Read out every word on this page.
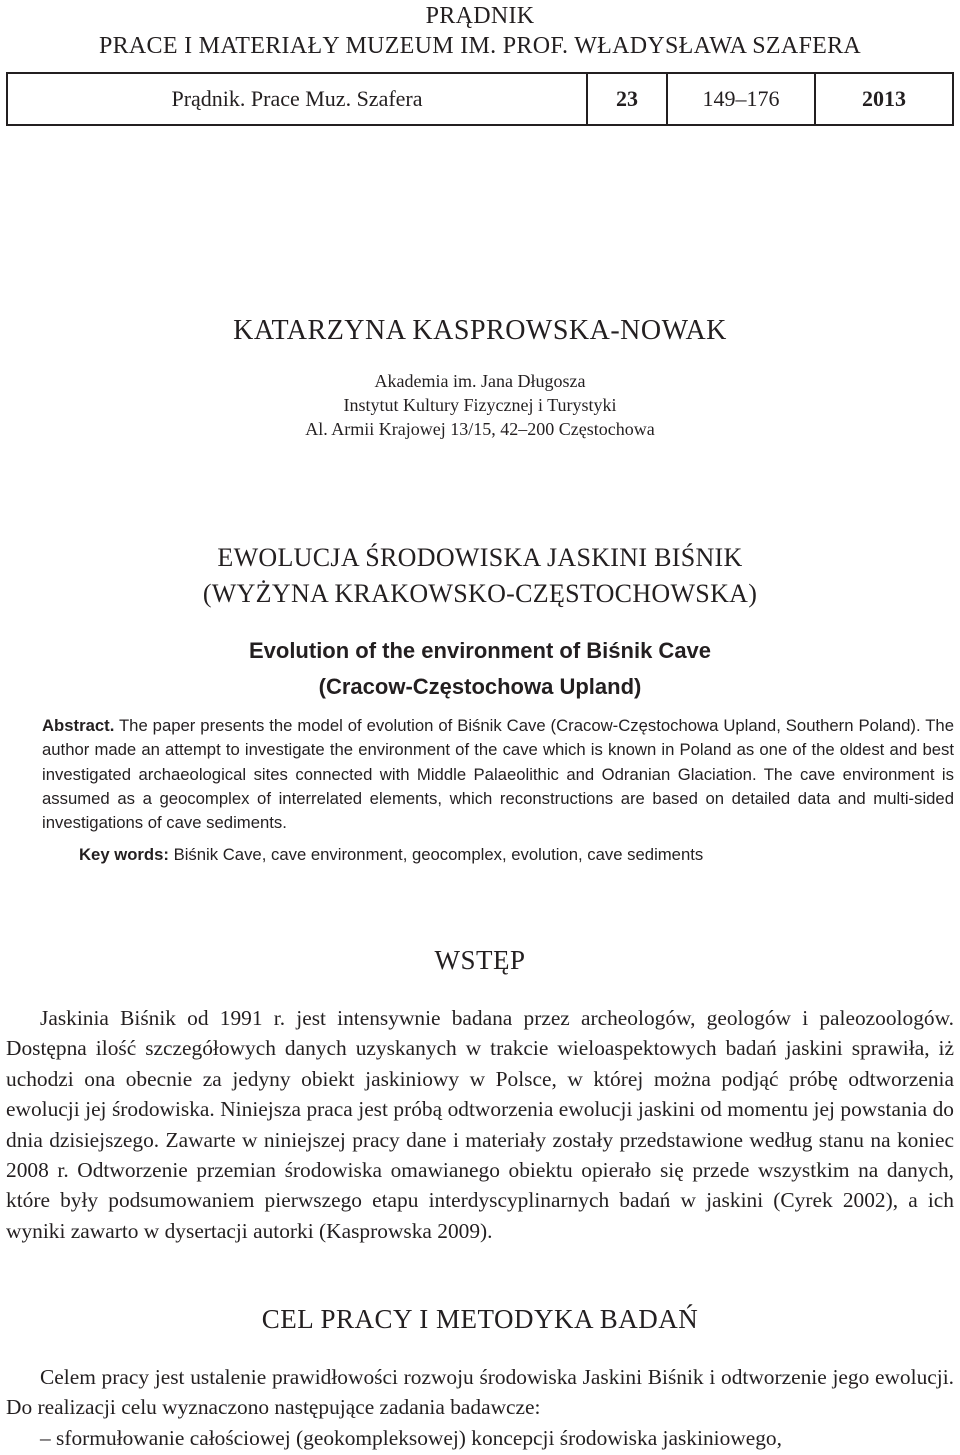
PRĄDNIK
PRACE I MATERIAŁY MUZEUM IM. PROF. WŁADYSŁAWA SZAFERA
Prądnik. Prace Muz. Szafera	23	149–176	2013
KATARZYNA KASPROWSKA-NOWAK
Akademia im. Jana Długosza
Instytut Kultury Fizycznej i Turystyki
Al. Armii Krajowej 13/15, 42–200 Częstochowa
EWOLUCJA ŚRODOWISKA JASKINI BIŚNIK
(WYŻYNA KRAKOWSKO-CZĘSTOCHOWSKA)
Evolution of the environment of Biśnik Cave
(Cracow-Częstochowa Upland)
Abstract. The paper presents the model of evolution of Biśnik Cave (Cracow-Częstochowa Upland, Southern Poland). The author made an attempt to investigate the environment of the cave which is known in Poland as one of the oldest and best investigated archaeological sites connected with Middle Palaeolithic and Odranian Glaciation. The cave environment is assumed as a geocomplex of interrelated elements, which reconstructions are based on detailed data and multi-sided investigations of cave sediments.
Key words: Biśnik Cave, cave environment, geocomplex, evolution, cave sediments
WSTĘP
Jaskinia Biśnik od 1991 r. jest intensywnie badana przez archeologów, geologów i paleozoologów. Dostępna ilość szczegółowych danych uzyskanych w trakcie wieloaspektowych badań jaskini sprawiła, iż uchodzi ona obecnie za jedyny obiekt jaskiniowy w Polsce, w której można podjąć próbę odtworzenia ewolucji jej środowiska. Niniejsza praca jest próbą odtworzenia ewolucji jaskini od momentu jej powstania do dnia dzisiejszego. Zawarte w niniejszej pracy dane i materiały zostały przedstawione według stanu na koniec 2008 r. Odtworzenie przemian środowiska omawianego obiektu opierało się przede wszystkim na danych, które były podsumowaniem pierwszego etapu interdyscyplinarnych badań w jaskini (Cyrek 2002), a ich wyniki zawarto w dysertacji autorki (Kasprowska 2009).
CEL PRACY I METODYKA BADAŃ
Celem pracy jest ustalenie prawidłowości rozwoju środowiska Jaskini Biśnik i odtworzenie jego ewolucji. Do realizacji celu wyznaczono następujące zadania badawcze:
– sformułowanie całościowej (geokompleksowej) koncepcji środowiska jaskiniowego,
